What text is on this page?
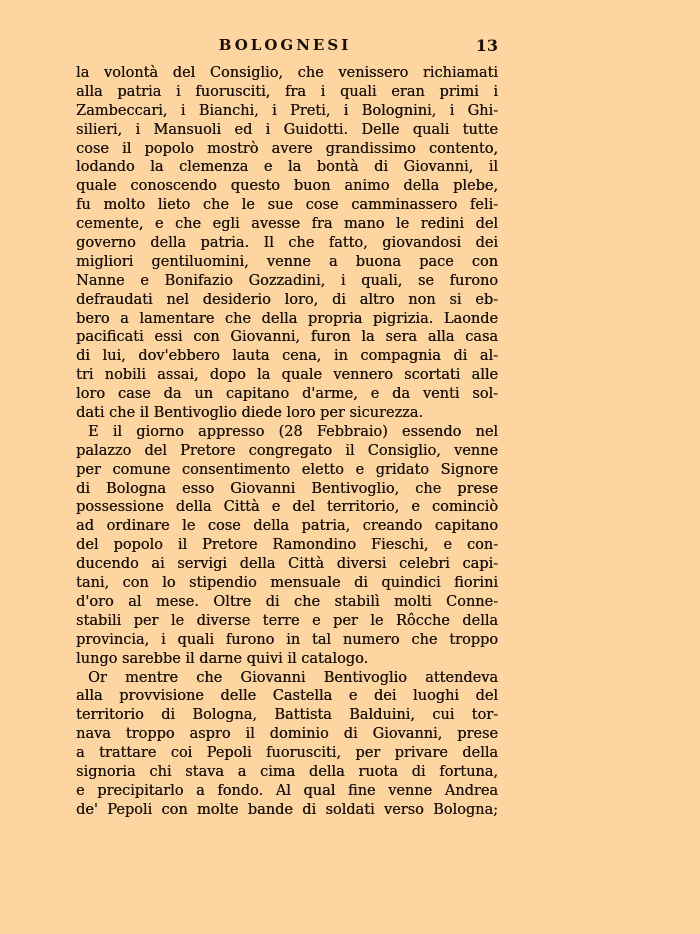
BOLOGNESI	13
la volontà del Consiglio, che venissero richiamati
alla patria i fuorusciti, fra i quali eran primi i
Zambeccari, i Bianchi, i Preti, i Bolognini, i Ghi-
silieri, i Mansuoli ed i Guidotti. Delle quali tutte
cose il popolo mostrò avere grandissimo contento,
lodando la clemenza e la bontà di Giovanni, il
quale conoscendo questo buon animo della plebe,
fu molto lieto che le sue cose camminassero feli-
cemente, e che egli avesse fra mano le redini del
governo della patria. Il che fatto, giovandosi dei
migliori gentiluomini, venne a buona pace con
Nanne e Bonifazio Gozzadini, i quali, se furono
defraudati nel desiderio loro, di altro non si eb-
bero a lamentare che della propria pigrizia. Laonde
pacificati essi con Giovanni, furon la sera alla casa
di lui, dov'ebbero lauta cena, in compagnia di al-
tri nobili assai, dopo la quale vennero scortati alle
loro case da un capitano d'arme, e da venti sol-
dati che il Bentivoglio diede loro per sicurezza.
E il giorno appresso (28 Febbraio) essendo nel
palazzo del Pretore congregato il Consiglio, venne
per comune consentimento eletto e gridato Signore
di Bologna esso Giovanni Bentivoglio, che prese
possessione della Città e del territorio, e cominciò
ad ordinare le cose della patria, creando capitano
del popolo il Pretore Ramondino Fieschi, e con-
ducendo ai servigi della Città diversi celebri capi-
tani, con lo stipendio mensuale di quindici fiorini
d'oro al mese. Oltre di che stabilì molti Conne-
stabili per le diverse terre e per le Rôcche della
provincia, i quali furono in tal numero che troppo
lungo sarebbe il darne quivi il catalogo.
Or mentre che Giovanni Bentivoglio attendeva
alla provvisione delle Castella e dei luoghi del
territorio di Bologna, Battista Balduini, cui tor-
nava troppo aspro il dominio di Giovanni, prese
a trattare coi Pepoli fuorusciti, per privare della
signoria chi stava a cima della ruota di fortuna,
e precipitarlo a fondo. Al qual fine venne Andrea
de' Pepoli con molte bande di soldati verso Bologna;
